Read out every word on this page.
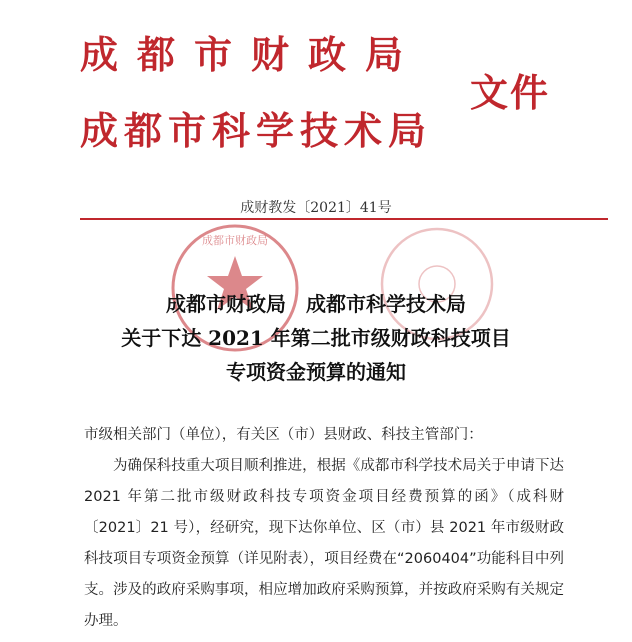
成都市财政局
成都市科学技术局
文件
成财教发〔2021〕41号
成都市财政局
成都市财政局　成都市科学技术局
关于下达 2021 年第二批市级财政科技项目
专项资金预算的通知
市级相关部门（单位），有关区（市）县财政、科技主管部门：
为确保科技重大项目顺利推进，根据《成都市科学技术局关于申请下达 2021 年第二批市级财政科技专项资金项目经费预算的函》（成科财〔2021〕21 号），经研究，现下达你单位、区（市）县 2021 年市级财政科技项目专项资金预算（详见附表），项目经费在“2060404”功能科目中列支。涉及的政府采购事项，相应增加政府采购预算，并按政府采购有关规定办理。
